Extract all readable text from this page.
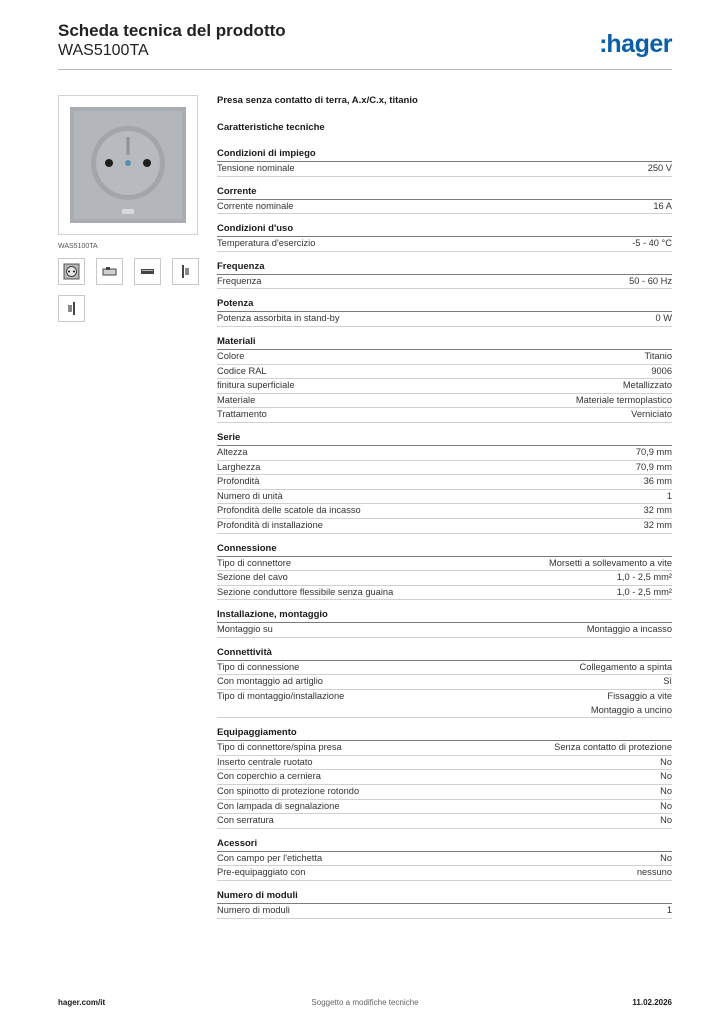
Scheda tecnica del prodotto
WAS5100TA	:hager
WAS5100TA
Presa senza contatto di terra, A.x/C.x, titanio
Caratteristiche tecniche
Condizioni di impiego
Tensione nominale	250 V
Corrente
Corrente nominale	16 A
Condizioni d'uso
Temperatura d'esercizio	-5 - 40 °C
Frequenza
Frequenza	50 - 60 Hz
Potenza
Potenza assorbita in stand-by	0 W
Materiali
Colore	Titanio
Codice RAL	9006
finitura superficiale	Metallizzato
Materiale	Materiale termoplastico
Trattamento	Verniciato
Serie
Altezza	70,9 mm
Larghezza	70,9 mm
Profondità	36 mm
Numero di unità	1
Profondità delle scatole da incasso	32 mm
Profondità di installazione	32 mm
Connessione
Tipo di connettore	Morsetti a sollevamento a vite
Sezione del cavo	1,0 - 2,5 mm²
Sezione conduttore flessibile senza guaina	1,0 - 2,5 mm²
Installazione, montaggio
Montaggio su	Montaggio a incasso
Connettività
Tipo di connessione	Collegamento a spinta
Con montaggio ad artiglio	Sì
Tipo di montaggio/installazione	Fissaggio a vite
Montaggio a uncino
Equipaggiamento
Tipo di connettore/spina presa	Senza contatto di protezione
Inserto centrale ruotato	No
Con coperchio a cerniera	No
Con spinotto di protezione rotondo	No
Con lampada di segnalazione	No
Con serratura	No
Acessori
Con campo per l'etichetta	No
Pre-equipaggiato con	nessuno
Numero di moduli
Numero di moduli	1
hager.com/it	Soggetto a modifiche tecniche	11.02.2026
